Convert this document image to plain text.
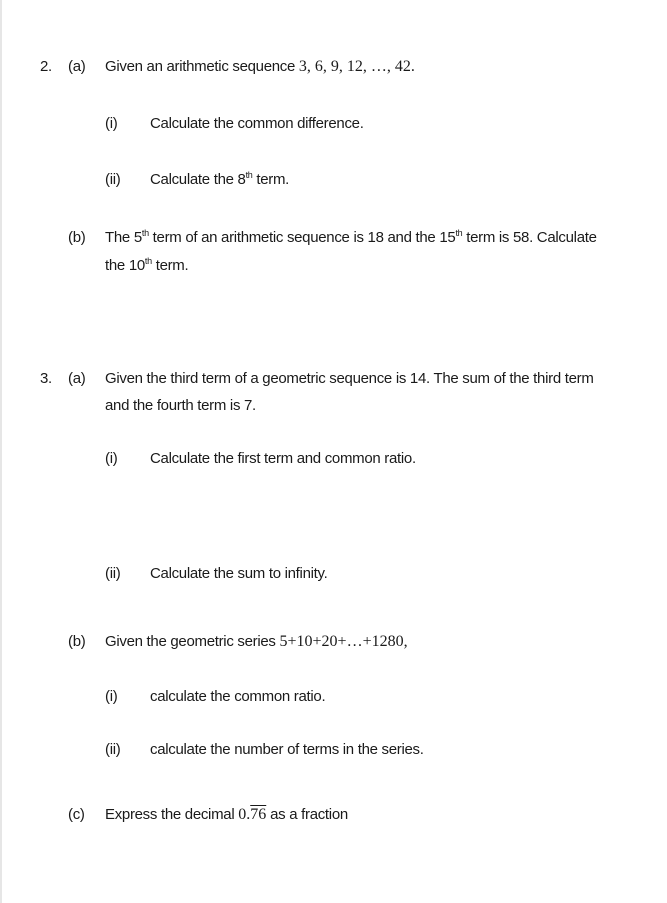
2. (a) Given an arithmetic sequence 3, 6, 9, 12, …, 42.
(i) Calculate the common difference.
(ii) Calculate the 8th term.
(b) The 5th term of an arithmetic sequence is 18 and the 15th term is 58. Calculate
the 10th term.
3. (a) Given the third term of a geometric sequence is 14. The sum of the third term
and the fourth term is 7.
(i) Calculate the first term and common ratio.
(ii) Calculate the sum to infinity.
(b) Given the geometric series 5+10+20+…+1280,
(i) calculate the common ratio.
(ii) calculate the number of terms in the series.
(c) Express the decimal 0.76 as a fraction
